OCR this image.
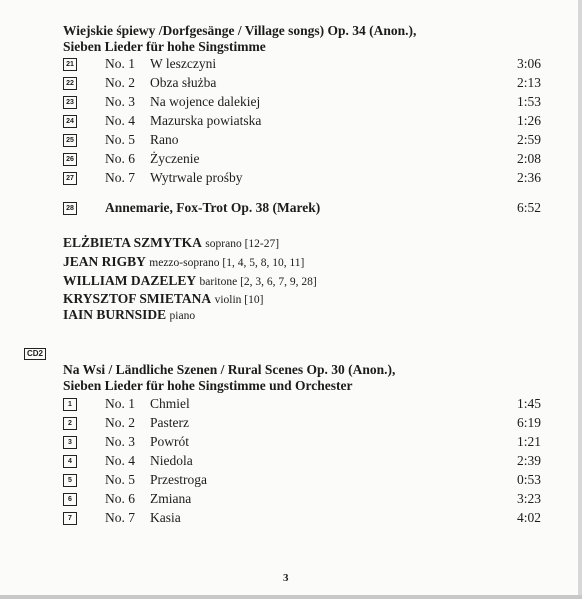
Wiejskie śpiewy /Dorfgesänge / Village songs) Op. 34 (Anon.),
Sieben Lieder für hohe Singstimme
21 No. 1 W leszczyni	3:06
22 No. 2 Obza służba	2:13
23 No. 3 Na wojence dalekiej	1:53
24 No. 4 Mazurska powiatska	1:26
25 No. 5 Rano	2:59
26 No. 6 Życzenie	2:08
27 No. 7 Wytrwale prośby	2:36
28 Annemarie, Fox-Trot Op. 38 (Marek)	6:52
ELŻBIETA SZMYTKA soprano [12-27]
JEAN RIGBY mezzo-soprano [1, 4, 5, 8, 10, 11]
WILLIAM DAZELEY baritone [2, 3, 6, 7, 9, 28]
KRYSZTOF SMIETANA violin [10]
IAIN BURNSIDE piano
CD2
Na Wsi / Ländliche Szenen / Rural Scenes Op. 30 (Anon.),
Sieben Lieder für hohe Singstimme und Orchester
1	No. 1 Chmiel	1:45
2	No. 2 Pasterz	6:19
3	No. 3 Powrót	1:21
4	No. 4 Niedola	2:39
5	No. 5 Przestroga	0:53
6	No. 6 Zmiana	3:23
7	No. 7 Kasia	4:02
3
